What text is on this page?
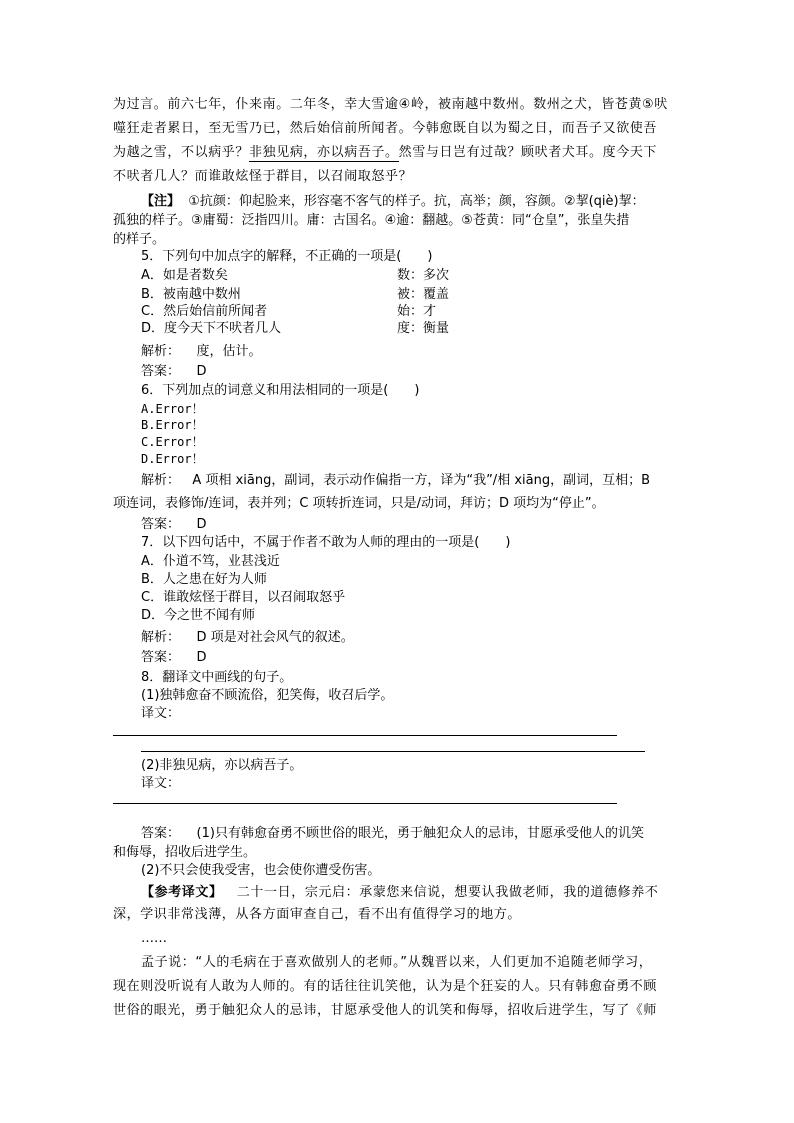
为过言。前六七年，仆来南。二年冬，幸大雪逾④岭，被南越中数州。数州之犬，皆苍黄⑤吠
噬狂走者累日，至无雪乃已，然后始信前所闻者。今韩愈既自以为蜀之日，而吾子又欲使吾
为越之雪，不以病乎？非独见病，亦以病吾子。然雪与日岂有过哉？顾吠者犬耳。度今天下
不吠者几人？而谁敢炫怪于群目，以召闹取怒乎？
【注】 ①抗颜：仰起脸来，形容毫不客气的样子。抗，高举；颜，容颜。②挈(qiè)挈：
孤独的样子。③庸蜀：泛指四川。庸：古国名。④逾：翻越。⑤苍黄：同“仓皇”，张皇失措
的样子。
5．下列句中加点字的解释，不正确的一项是(　　)
A．如是者数矣	数：多次
B．被南越中数州	被：覆盖
C．然后始信前所闻者	始：才
D．度今天下不吠者几人	度：衡量
解析： 度，估计。
答案： D
6．下列加点的词意义和用法相同的一项是(　　)
A.Error！
B.Error！
C.Error！
D.Error！
解析： A 项相 xiāng，副词，表示动作偏指一方，译为“我”/相 xiāng，副词，互相；B
项连词，表修饰/连词，表并列；C 项转折连词，只是/动词，拜访；D 项均为“停止”。
答案： D
7．以下四句话中，不属于作者不敢为人师的理由的一项是(　　)
A．仆道不笃，业甚浅近
B．人之患在好为人师
C．谁敢炫怪于群目，以召闹取怒乎
D．今之世不闻有师
解析： D 项是对社会风气的叙述。
答案： D
8．翻译文中画线的句子。
(1)独韩愈奋不顾流俗，犯笑侮，收召后学。
译文：
(2)非独见病，亦以病吾子。
译文：
答案： (1)只有韩愈奋勇不顾世俗的眼光，勇于触犯众人的忌讳，甘愿承受他人的讥笑
和侮辱，招收后进学生。
(2)不只会使我受害，也会使你遭受伤害。
【参考译文】 二十一日，宗元启：承蒙您来信说，想要认我做老师，我的道德修养不
深，学识非常浅薄，从各方面审查自己，看不出有值得学习的地方。
……
孟子说：“人的毛病在于喜欢做别人的老师。”从魏晋以来，人们更加不追随老师学习，
现在则没听说有人敢为人师的。有的话往往讥笑他，认为是个狂妄的人。只有韩愈奋勇不顾
世俗的眼光，勇于触犯众人的忌讳，甘愿承受他人的讥笑和侮辱，招收后进学生，写了《师
